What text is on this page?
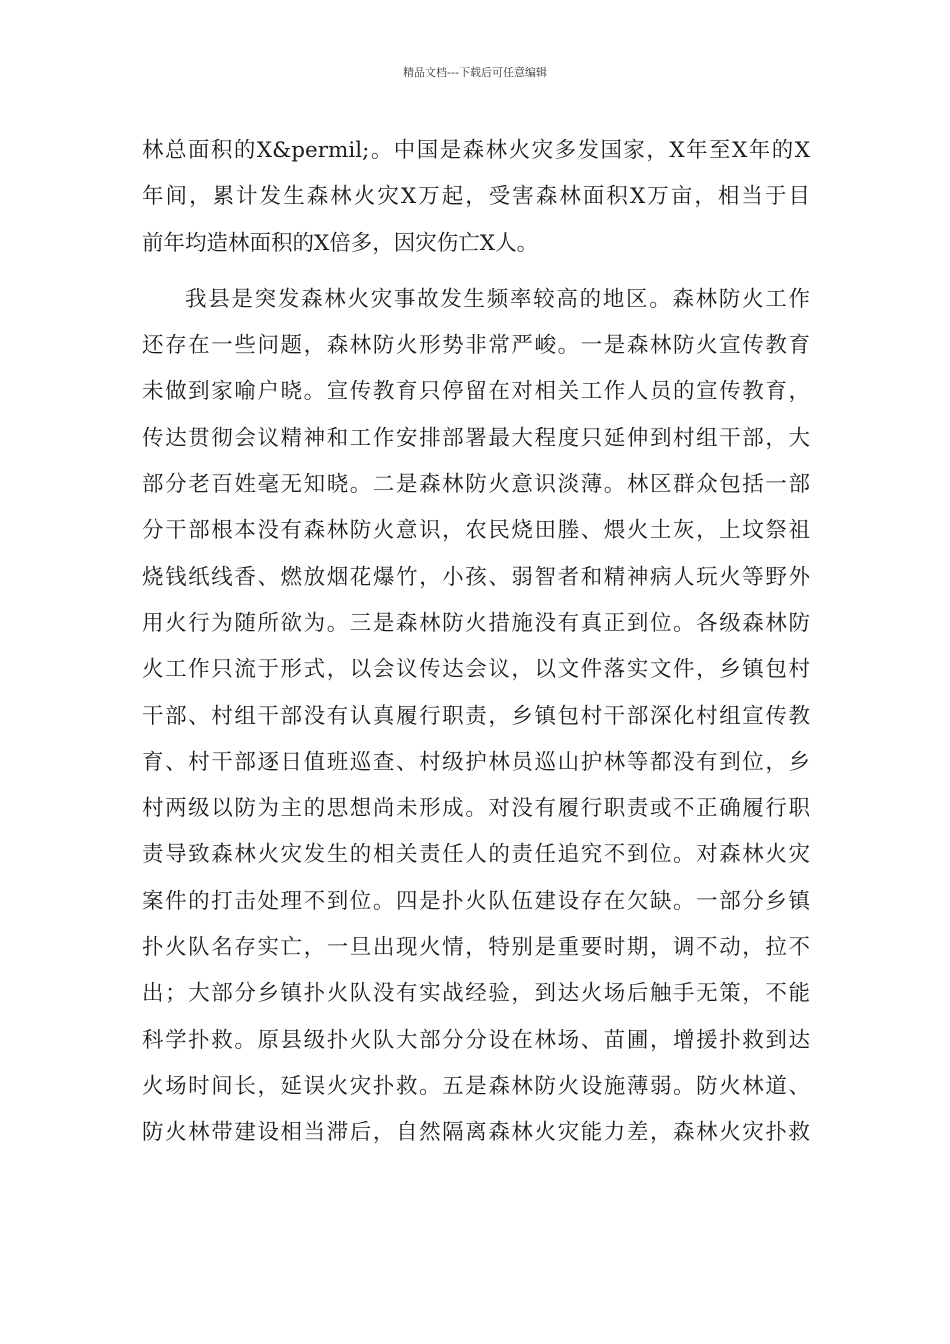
精品文档---下载后可任意编辑
林总面积的X&permil;。中国是森林火灾多发国家，X年至X年的X
年间，累计发生森林火灾X万起，受害森林面积X万亩，相当于目
前年均造林面积的X倍多，因灾伤亡X人。
我县是突发森林火灾事故发生频率较高的地区。森林防火工作
还存在一些问题，森林防火形势非常严峻。一是森林防火宣传教育
未做到家喻户晓。宣传教育只停留在对相关工作人员的宣传教育，
传达贯彻会议精神和工作安排部署最大程度只延伸到村组干部，大
部分老百姓毫无知晓。二是森林防火意识淡薄。林区群众包括一部
分干部根本没有森林防火意识，农民烧田塍、煨火土灰，上坟祭祖
烧钱纸线香、燃放烟花爆竹，小孩、弱智者和精神病人玩火等野外
用火行为随所欲为。三是森林防火措施没有真正到位。各级森林防
火工作只流于形式，以会议传达会议，以文件落实文件，乡镇包村
干部、村组干部没有认真履行职责，乡镇包村干部深化村组宣传教
育、村干部逐日值班巡查、村级护林员巡山护林等都没有到位，乡
村两级以防为主的思想尚未形成。对没有履行职责或不正确履行职
责导致森林火灾发生的相关责任人的责任追究不到位。对森林火灾
案件的打击处理不到位。四是扑火队伍建设存在欠缺。一部分乡镇
扑火队名存实亡，一旦出现火情，特别是重要时期，调不动，拉不
出；大部分乡镇扑火队没有实战经验，到达火场后触手无策，不能
科学扑救。原县级扑火队大部分分设在林场、苗圃，增援扑救到达
火场时间长，延误火灾扑救。五是森林防火设施薄弱。防火林道、
防火林带建设相当滞后，自然隔离森林火灾能力差，森林火灾扑救
